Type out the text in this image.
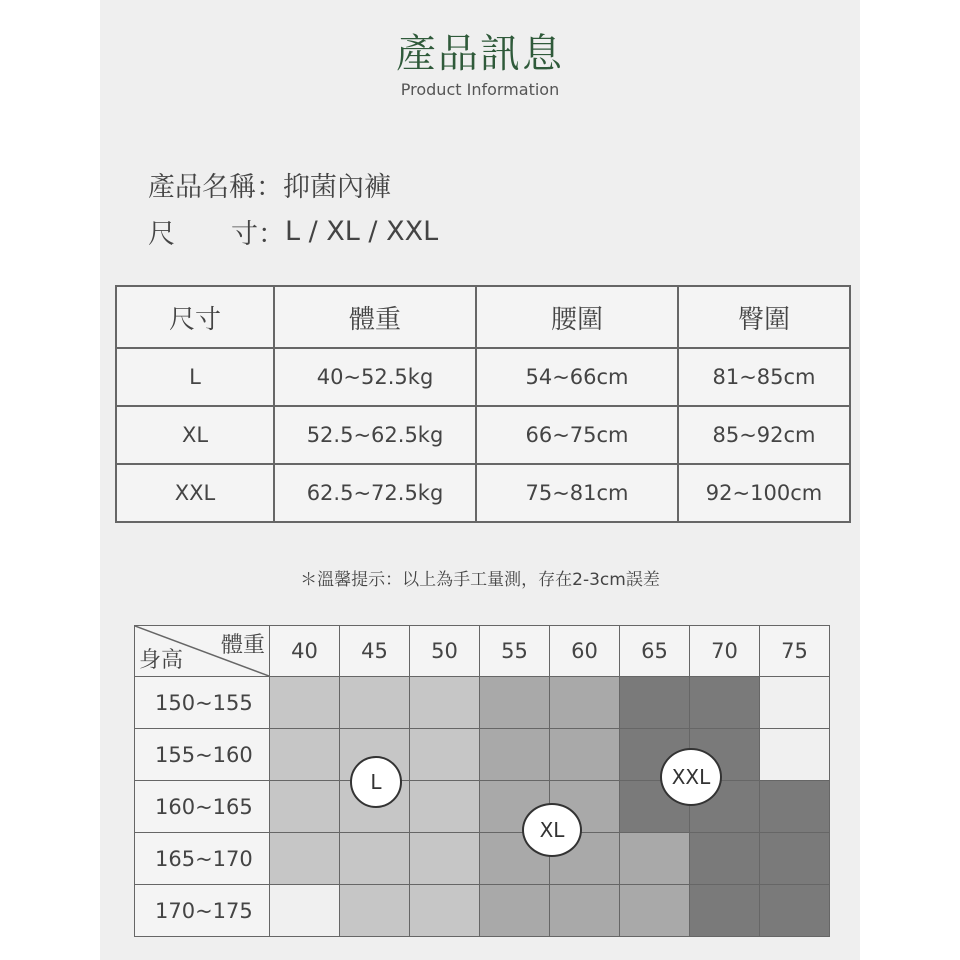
產品訊息
Product Information
產品名稱： 抑菌內褲
尺 寸： L / XL / XXL
尺寸	體重	腰圍	臀圍
L	40~52.5kg	54~66cm	81~85cm
XL	52.5~62.5kg	66~75cm	85~92cm
XXL	62.5~72.5kg	75~81cm	92~100cm
＊溫馨提示：以上為手工量測，存在2-3cm誤差
體重
身高	40	45	50	55	60	65	70	75
150~155								
155~160								
160~165								
165~170								
170~175								
L
XL
XXL
